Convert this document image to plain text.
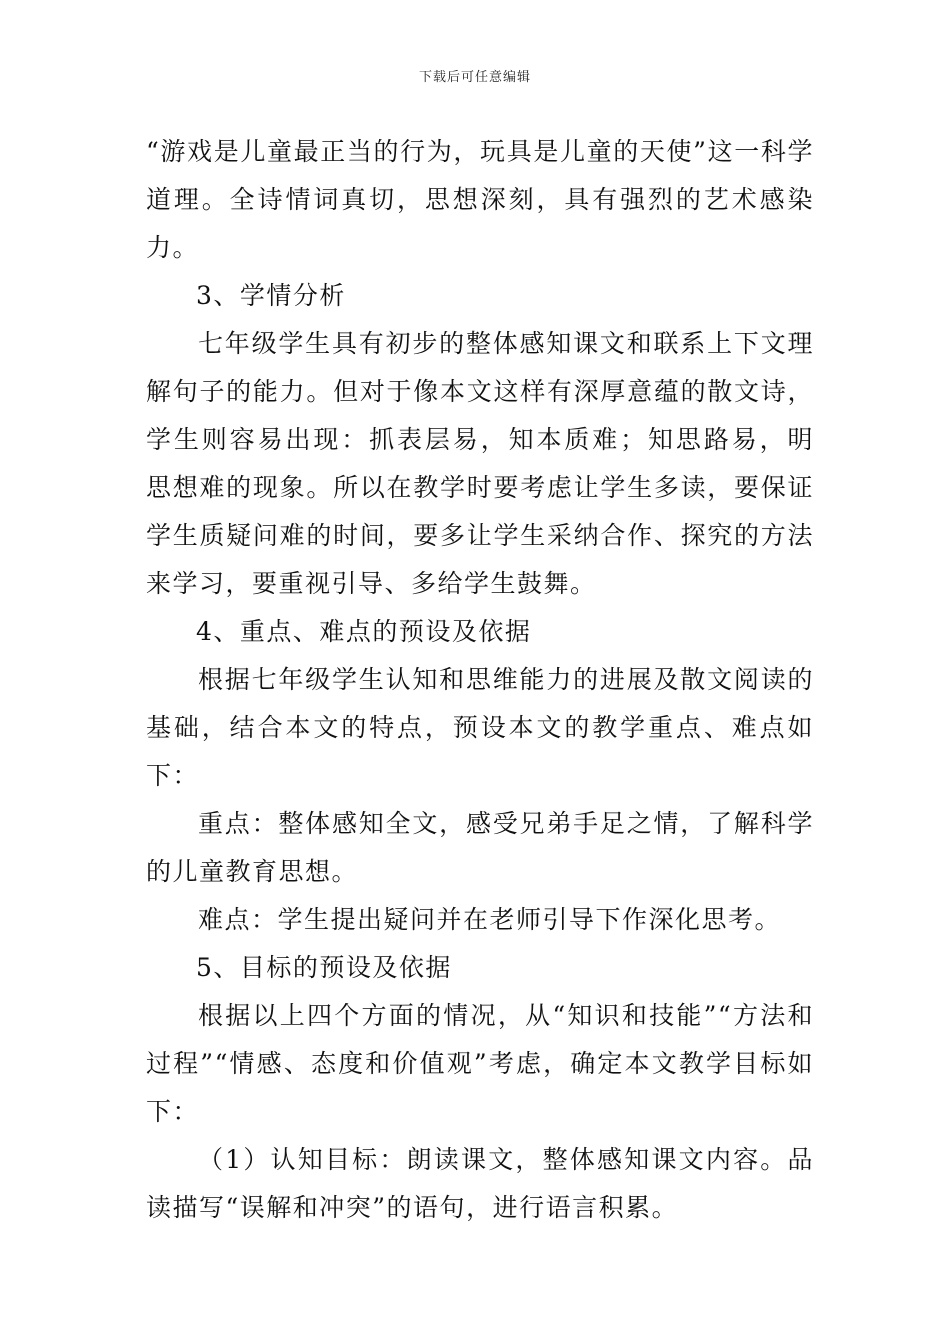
下载后可任意编辑

“游戏是儿童最正当的行为，玩具是儿童的天使”这一科学道理。全诗情词真切，思想深刻，具有强烈的艺术感染力。

3、学情分析

七年级学生具有初步的整体感知课文和联系上下文理解句子的能力。但对于像本文这样有深厚意蕴的散文诗，学生则容易出现：抓表层易，知本质难；知思路易，明 思想难的现象。所以在教学时要考虑让学生多读，要保证学生质疑问难的时间，要多让学生采纳合作、探究的方法来学习，要重视引导、多给学生鼓舞。

4、重点、难点的预设及依据

根据七年级学生认知和思维能力的进展及散文阅读的基础，结合本文的特点，预设本文的教学重点、难点如下：

重点：整体感知全文，感受兄弟手足之情，了解科学的儿童教育思想。

难点：学生提出疑问并在老师引导下作深化思考。

5、目标的预设及依据

根据以上四个方面的情况，从“知识和技能”“方法和过程”“情感、态度和价值观”考虑，确定本文教学目标如下：

（1）认知目标：朗读课文，整体感知课文内容。品读描写“误解和冲突”的语句，进行语言积累。
